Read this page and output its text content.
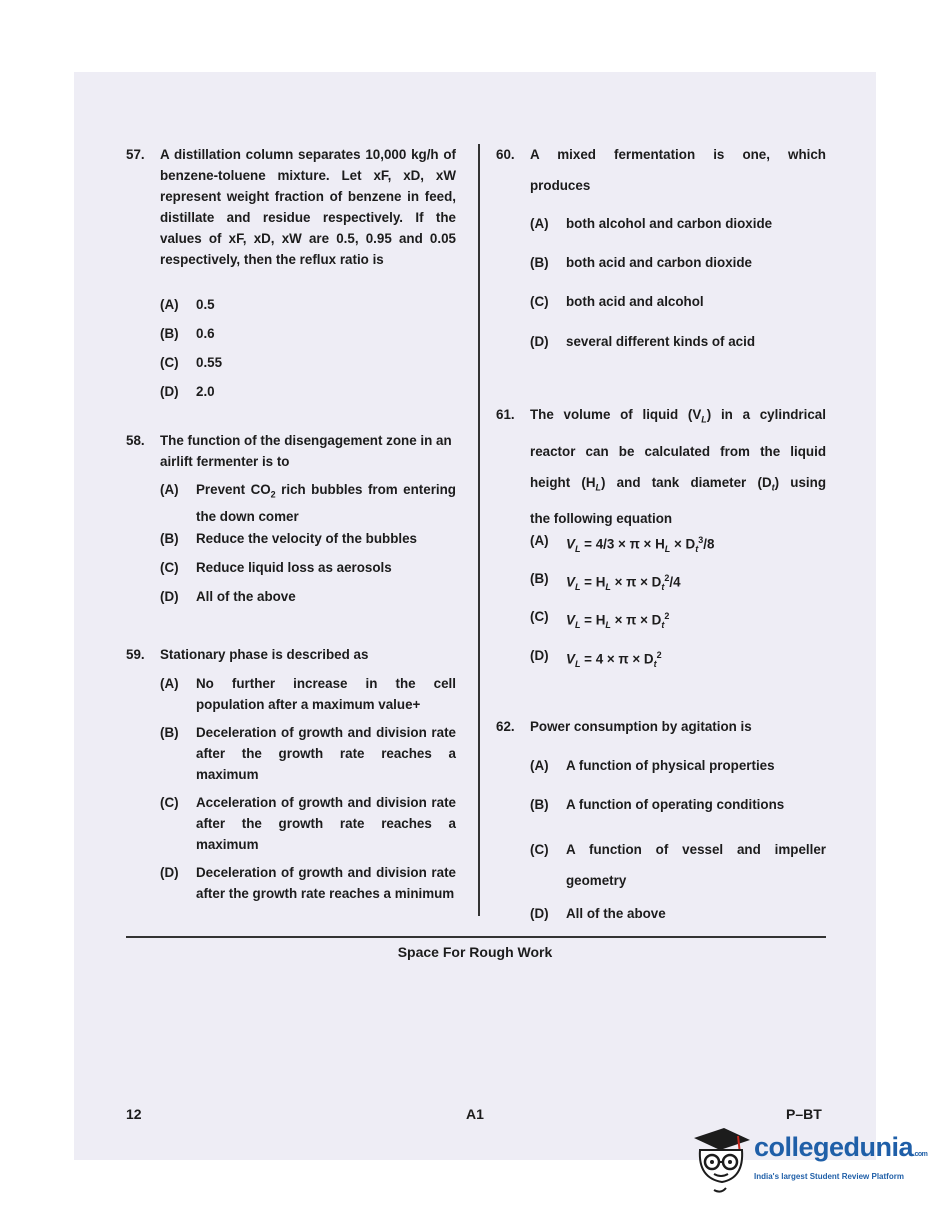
57. A distillation column separates 10,000 kg/h of benzene-toluene mixture. Let xF, xD, xW represent weight fraction of benzene in feed, distillate and residue respectively. If the values of xF, xD, xW are 0.5, 0.95 and 0.05 respectively, then the reflux ratio is
(A) 0.5
(B) 0.6
(C) 0.55
(D) 2.0
58. The function of the disengagement zone in an airlift fermenter is to
(A) Prevent $CO_2$ rich bubbles from entering the down comer
(B) Reduce the velocity of the bubbles
(C) Reduce liquid loss as aerosols
(D) All of the above
59. Stationary phase is described as
(A) No further increase in the cell population after a maximum value+
(B) Deceleration of growth and division rate after the growth rate reaches a maximum
(C) Acceleration of growth and division rate after the growth rate reaches a maximum
(D) Deceleration of growth and division rate after the growth rate reaches a minimum
60. A mixed fermentation is one, which
produces
(A) both alcohol and carbon dioxide
(B) both acid and carbon dioxide
(C) both acid and alcohol
(D) several different kinds of acid
61. The volume of liquid $(V_L)$ in a cylindrical
reactor can be calculated from the liquid
height $(H_L)$ and tank diameter $(D_t)$ using
the following equation
(A) $V_L = 4/3 \times \pi \times H_L \times D_t^3/8$
(B) $V_L = H_L \times \pi \times D_t^2/4$
(C) $V_L = H_L \times \pi \times D_t^2$
(D) $V_L = 4 \times \pi \times D_t^2$
62. Power consumption by agitation is
(A) A function of physical properties
(B) A function of operating conditions
(C) A function of vessel and impeller
geometry
(D) All of the above
Space For Rough Work
12	A1	P–BT
collegedunia.com
India's largest Student Review Platform
